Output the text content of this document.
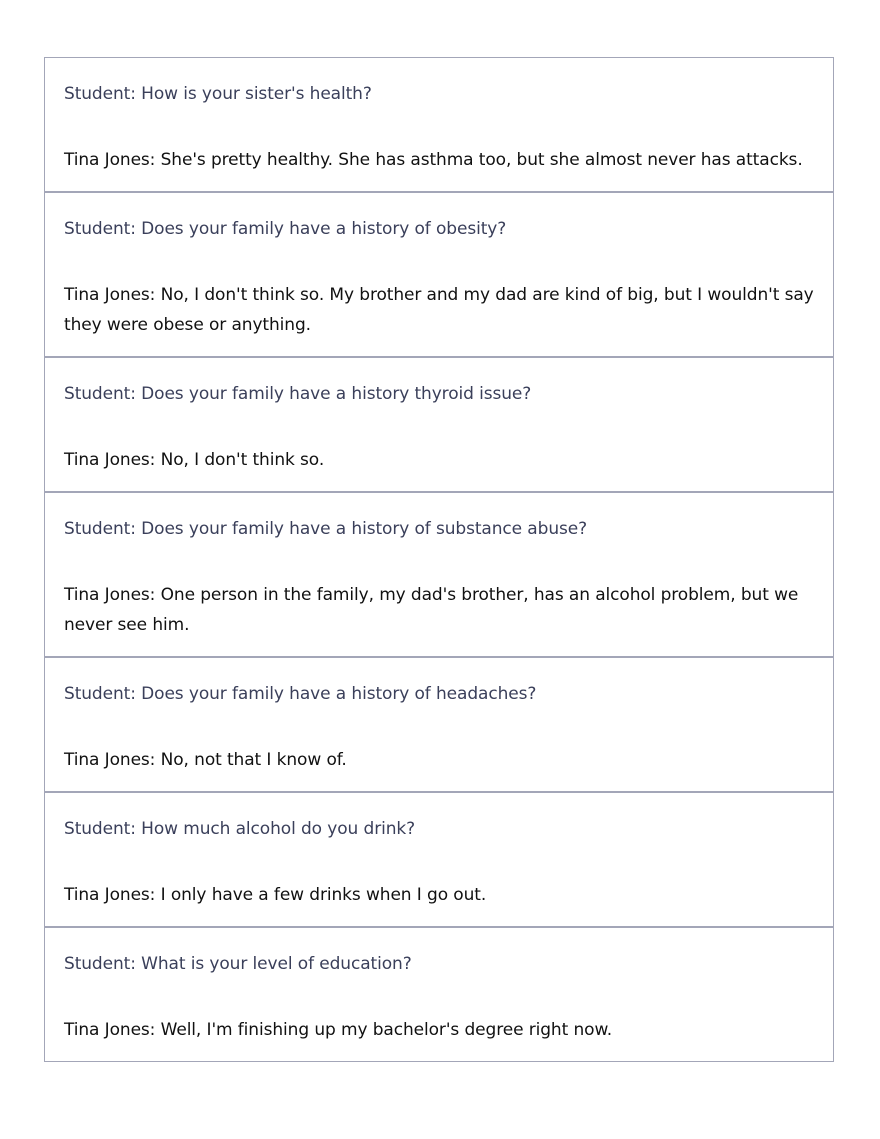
Student: How is your sister's health?

Tina Jones: She's pretty healthy. She has asthma too, but she almost never has attacks.

Student: Does your family have a history of obesity?

Tina Jones: No, I don't think so. My brother and my dad are kind of big, but I wouldn't say they were obese or anything.

Student: Does your family have a history thyroid issue?

Tina Jones: No, I don't think so.

Student: Does your family have a history of substance abuse?

Tina Jones: One person in the family, my dad's brother, has an alcohol problem, but we never see him.

Student: Does your family have a history of headaches?

Tina Jones: No, not that I know of.

Student: How much alcohol do you drink?

Tina Jones: I only have a few drinks when I go out.

Student: What is your level of education?

Tina Jones: Well, I'm finishing up my bachelor's degree right now.
